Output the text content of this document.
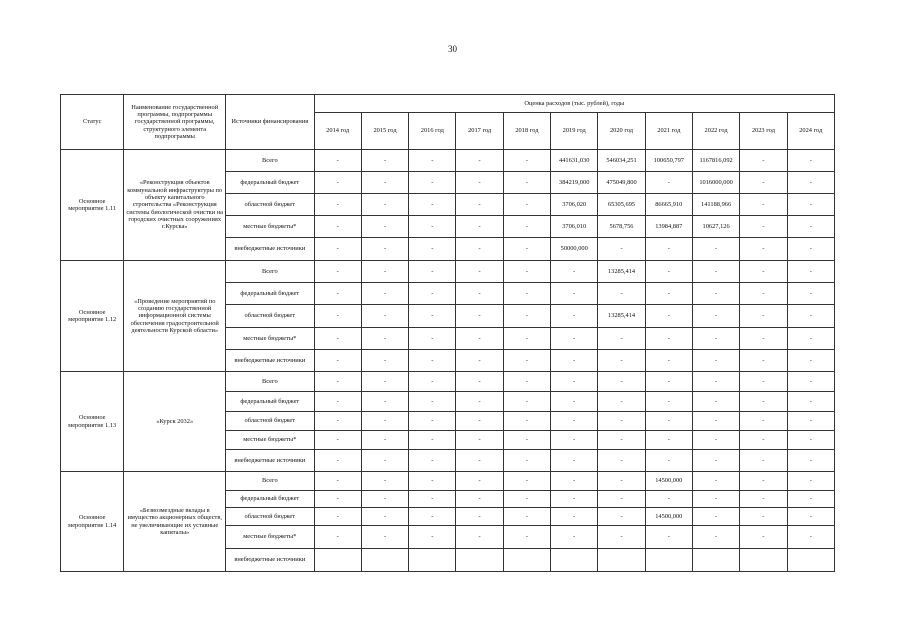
30
Статус	Наименование государственной программы, подпрограммы государственной программы, структурного элемента подпрограммы	Источники финансирования	Оценка расходов (тыс. рублей), годы										
			2014 год	2015 год	2016 год	2017 год	2018 год	2019 год	2020 год	2021 год	2022 год	2023 год	2024 год
Основное мероприятие 1.11	«Реконструкция объектов коммунальной инфраструктуры по объекту капитального строительства «Реконструкция системы биологической очистки на городских очистных сооружениях г.Курска»	Всего	-	-	-	-	-	441631,030	546034,251	100650,797	1167816,092	-	-
		федеральный бюджет	-	-	-	-	-	384219,000	475049,800	-	1016000,000	-	-
		областной бюджет	-	-	-	-	-	3706,020	65305,695	86665,910	141188,966	-	-
		местные бюджеты*	-	-	-	-	-	3706,010	5678,756	13984,887	10627,126	-	-
		внебюджетные источники	-	-	-	-	-	50000,000	-	-	-	-	-
Основное мероприятие 1.12	«Проведение мероприятий по созданию государственной информационной системы обеспечения градостроительной деятельности Курской области»	Всего	-	-	-	-	-	-	13285,414	-	-	-	-
		федеральный бюджет	-	-	-	-	-	-	-	-	-	-	-
		областной бюджет	-	-	-	-	-	-	13285,414	-	-	-	-
		местные бюджеты*	-	-	-	-	-	-	-	-	-	-	-
		внебюджетные источники	-	-	-	-	-	-	-	-	-	-	-
Основное мероприятие 1.13	«Курск 2032»	Всего	-	-	-	-	-	-	-	-	-	-	-
		федеральный бюджет	-	-	-	-	-	-	-	-	-	-	-
		областной бюджет	-	-	-	-	-	-	-	-	-	-	-
		местные бюджеты*	-	-	-	-	-	-	-	-	-	-	-
		внебюджетные источники	-	-	-	-	-	-	-	-	-	-	-
Основное мероприятие 1.14	«Безвозмездные вклады в имущество акционерных обществ, не увеличивающие их уставные капиталы»	Всего	-	-	-	-	-	-	-	14500,000	-	-	-
		федеральный бюджет	-	-	-	-	-	-	-	-	-	-	-
		областной бюджет	-	-	-	-	-	-	-	14500,000	-	-	-
		местные бюджеты*	-	-	-	-	-	-	-	-	-	-	-
		внебюджетные источники											
